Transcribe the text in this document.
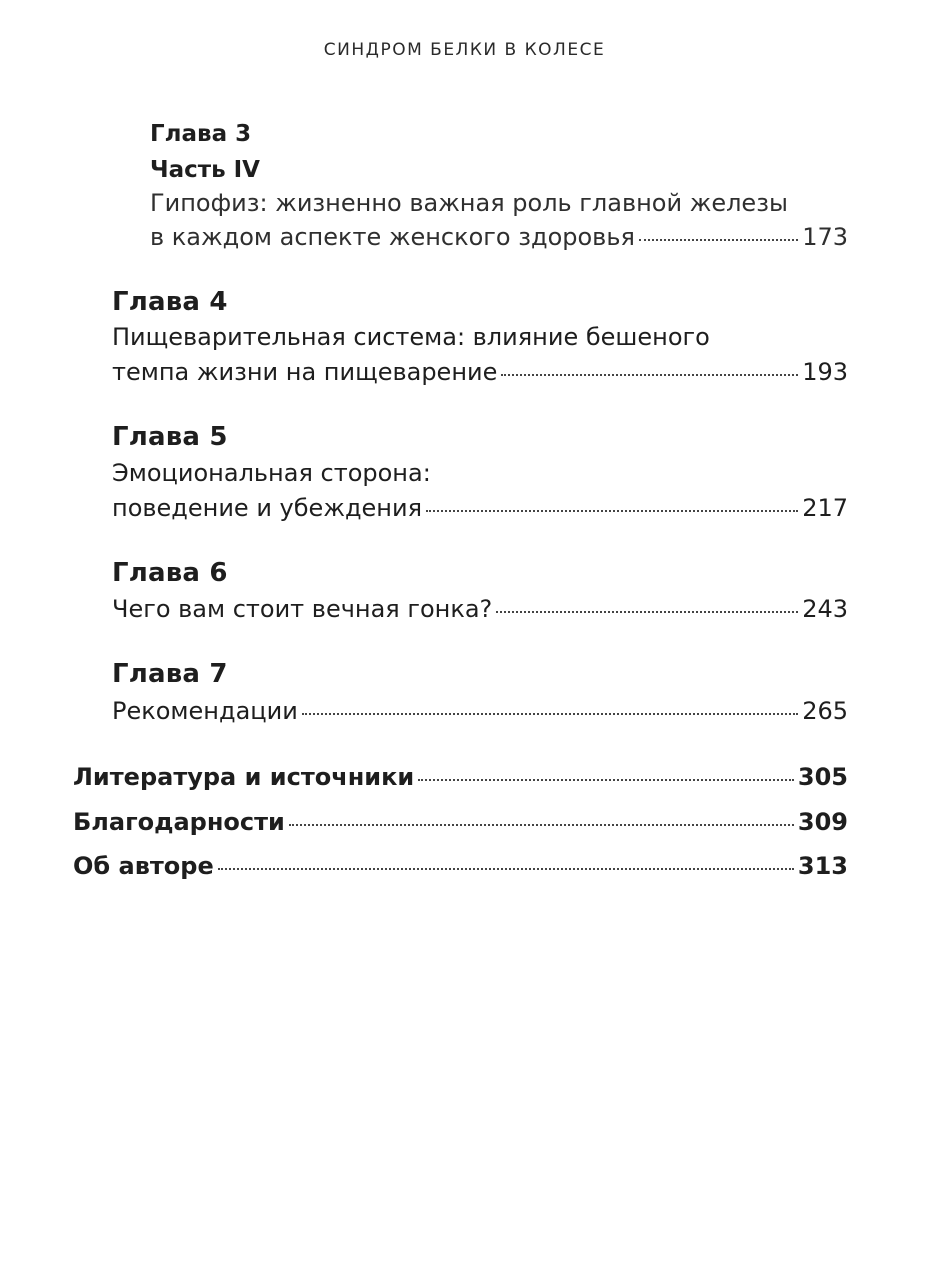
СИНДРОМ БЕЛКИ В КОЛЕСЕ
Глава 3
Часть IV
Гипофиз: жизненно важная роль главной железы
в каждом аспекте женского здоровья	173
Глава 4
Пищеварительная система: влияние бешеного
темпа жизни на пищеварение	193
Глава 5
Эмоциональная сторона:
поведение и убеждения	217
Глава 6
Чего вам стоит вечная гонка?	243
Глава 7
Рекомендации	265
Литература и источники	305
Благодарности	309
Об авторе	313
